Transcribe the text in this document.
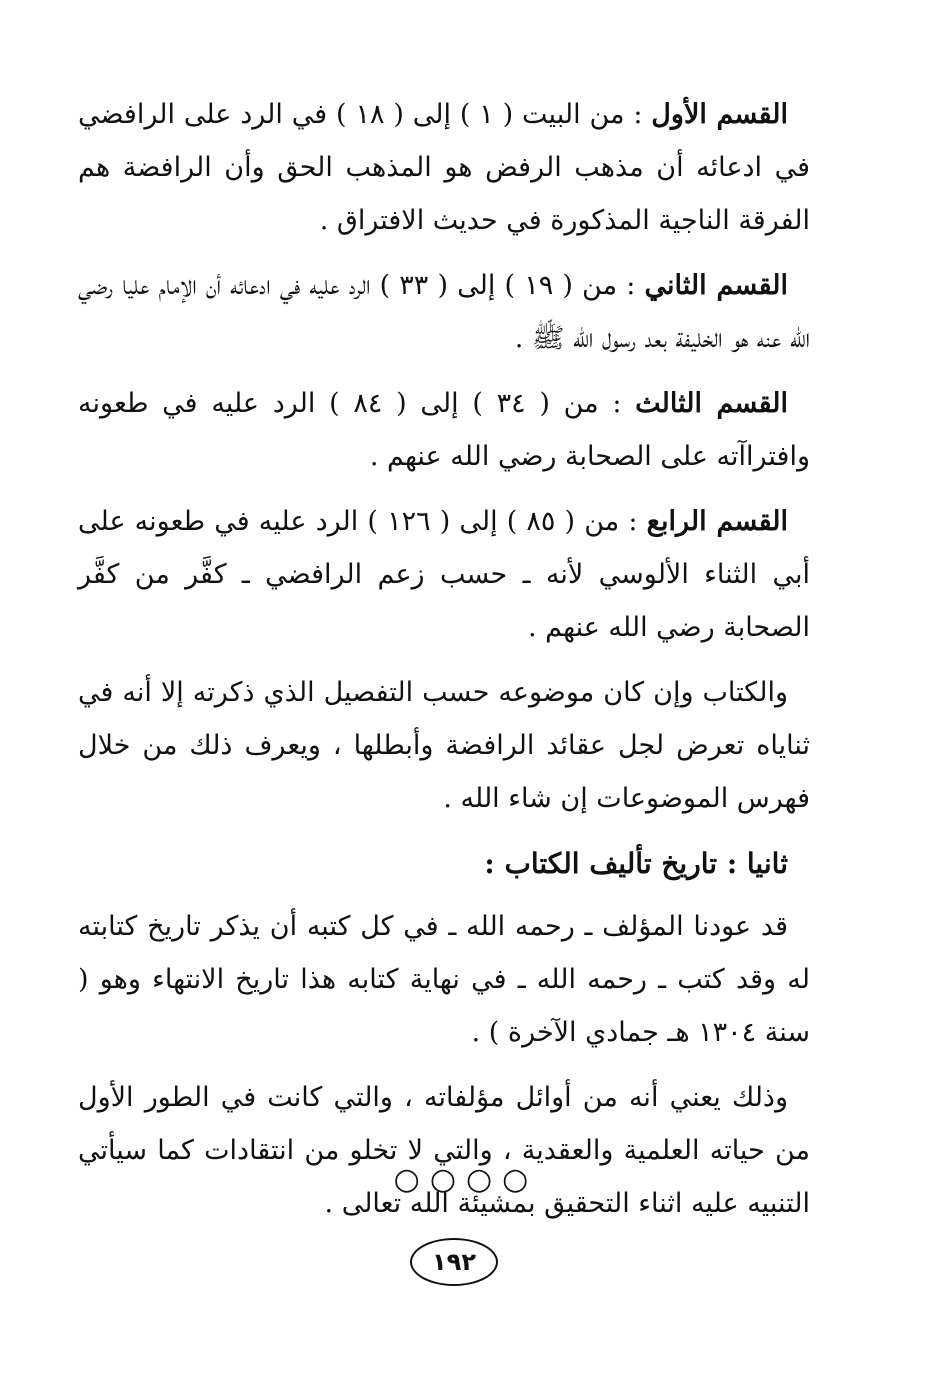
القسم الأول : من البيت ( ١ ) إلى ( ١٨ ) في الرد على الرافضي في ادعائه أن مذهب الرفض هو المذهب الحق وأن الرافضة هم الفرقة الناجية المذكورة في حديث الافتراق .

القسم الثاني : من ( ١٩ ) إلى ( ٣٣ ) الرد عليه في ادعائه أن الإمام عليا رضي الله عنه هو الخليفة بعد رسول الله ﷺ .

القسم الثالث : من ( ٣٤ ) إلى ( ٨٤ ) الرد عليه في طعونه وافتراآته على الصحابة رضي الله عنهم .

القسم الرابع : من ( ٨٥ ) إلى ( ١٢٦ ) الرد عليه في طعونه على أبي الثناء الألوسي لأنه ـ حسب زعم الرافضي ـ كفَّر من كفَّر الصحابة رضي الله عنهم .

والكتاب وإن كان موضوعه حسب التفصيل الذي ذكرته إلا أنه في ثناياه تعرض لجل عقائد الرافضة وأبطلها ، ويعرف ذلك من خلال فهرس الموضوعات إن شاء الله .

ثانيا : تاريخ تأليف الكتاب :

قد عودنا المؤلف ـ رحمه الله ـ في كل كتبه أن يذكر تاريخ كتابته له وقد كتب ـ رحمه الله ـ في نهاية كتابه هذا تاريخ الانتهاء وهو ( سنة ١٣٠٤ هـ جمادي الآخرة ) .

وذلك يعني أنه من أوائل مؤلفاته ، والتي كانت في الطور الأول من حياته العلمية والعقدية ، والتي لا تخلو من انتقادات كما سيأتي التنبيه عليه اثناء التحقيق بمشيئة الله تعالى .

○○○○
١٩٢
